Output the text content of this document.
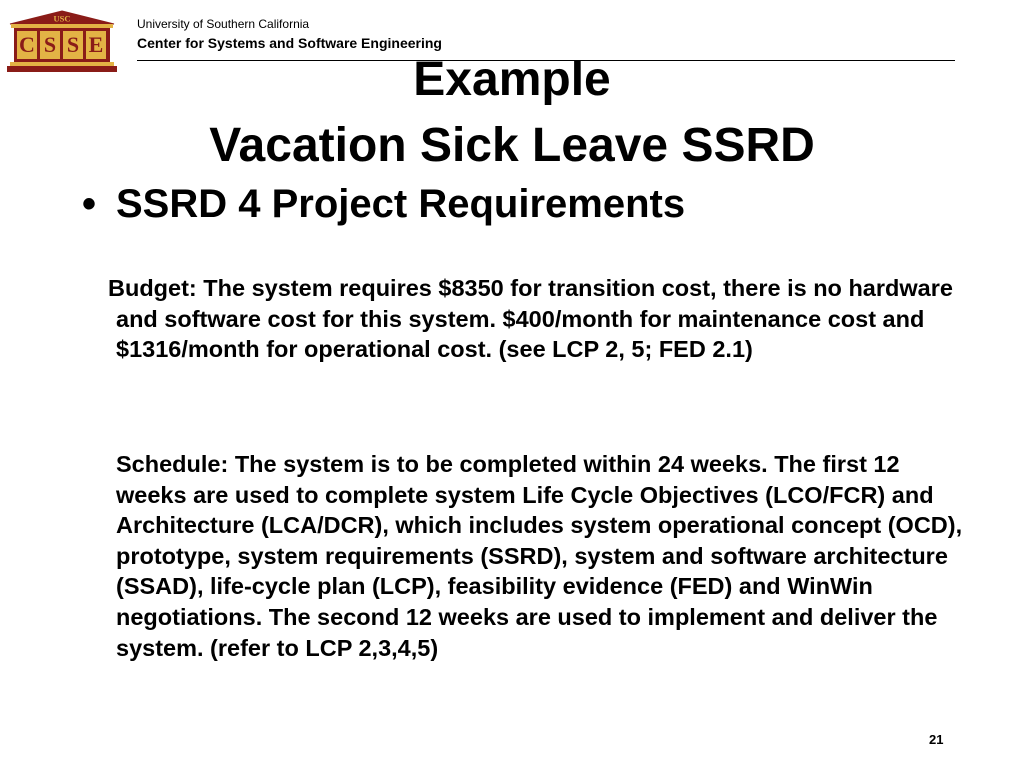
USC
C S S E
University of Southern California
Center for Systems and Software Engineering
Example
Vacation Sick Leave SSRD
• SSRD 4 Project Requirements
Budget: The system requires $8350 for transition cost, there is no hardware and software cost for this system. $400/month for maintenance cost and $1316/month for operational cost. (see LCP 2, 5; FED 2.1)
Schedule: The system is to be completed within 24 weeks. The first 12 weeks are used to complete system Life Cycle Objectives (LCO/FCR) and Architecture (LCA/DCR), which includes system operational concept (OCD), prototype, system requirements (SSRD), system and software architecture (SSAD), life-cycle plan (LCP), feasibility evidence (FED) and WinWin negotiations. The second 12 weeks are used to implement and deliver the system. (refer to LCP 2,3,4,5)
21
